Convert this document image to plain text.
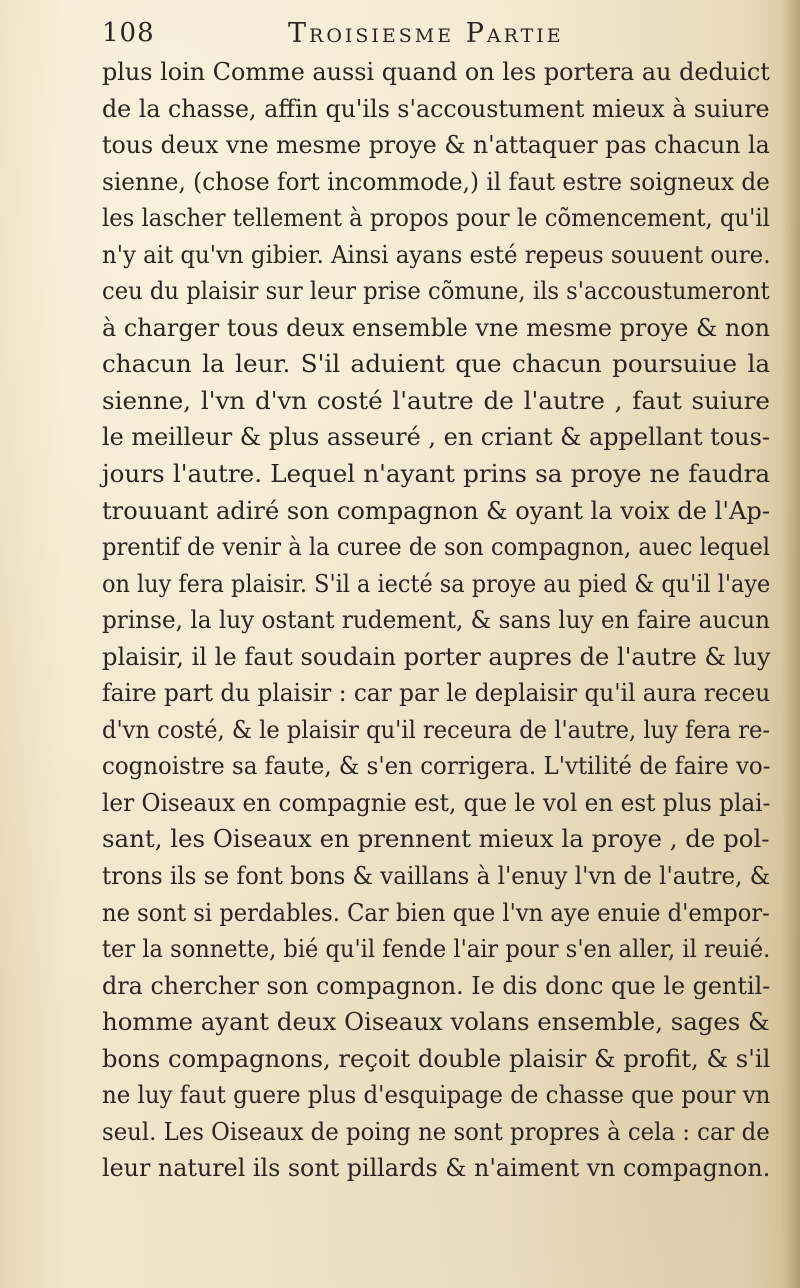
108	Troisiesme Partie
plus loin Comme aussi quand on les portera au deduict
de la chasse, affin qu'ils s'accoustument mieux à suiure
tous deux vne mesme proye & n'attaquer pas chacun la
sienne, (chose fort incommode,) il faut estre soigneux de
les lascher tellement à propos pour le cõmencement, qu'il
n'y ait qu'vn gibier. Ainsi ayans esté repeus souuent oure.
ceu du plaisir sur leur prise cõmune, ils s'accoustumeront
à charger tous deux ensemble vne mesme proye & non
chacun la leur. S'il aduient que chacun poursuiue la
sienne, l'vn d'vn costé l'autre de l'autre , faut suiure
le meilleur & plus asseuré , en criant & appellant tous-
jours l'autre. Lequel n'ayant prins sa proye ne faudra
trouuant adiré son compagnon & oyant la voix de l'Ap-
prentif de venir à la curee de son compagnon, auec lequel
on luy fera plaisir. S'il a iecté sa proye au pied & qu'il l'aye
prinse, la luy ostant rudement, & sans luy en faire aucun
plaisir, il le faut soudain porter aupres de l'autre & luy
faire part du plaisir : car par le deplaisir qu'il aura receu
d'vn costé, & le plaisir qu'il receura de l'autre, luy fera re-
cognoistre sa faute, & s'en corrigera. L'vtilité de faire vo-
ler Oiseaux en compagnie est, que le vol en est plus plai-
sant, les Oiseaux en prennent mieux la proye , de pol-
trons ils se font bons & vaillans à l'enuy l'vn de l'autre, &
ne sont si perdables. Car bien que l'vn aye enuie d'empor-
ter la sonnette, bié qu'il fende l'air pour s'en aller, il reuié.
dra chercher son compagnon. Ie dis donc que le gentil-
homme ayant deux Oiseaux volans ensemble, sages &
bons compagnons, reçoit double plaisir & profit, & s'il
ne luy faut guere plus d'esquipage de chasse que pour vn
seul. Les Oiseaux de poing ne sont propres à cela : car de
leur naturel ils sont pillards & n'aiment vn compagnon.
